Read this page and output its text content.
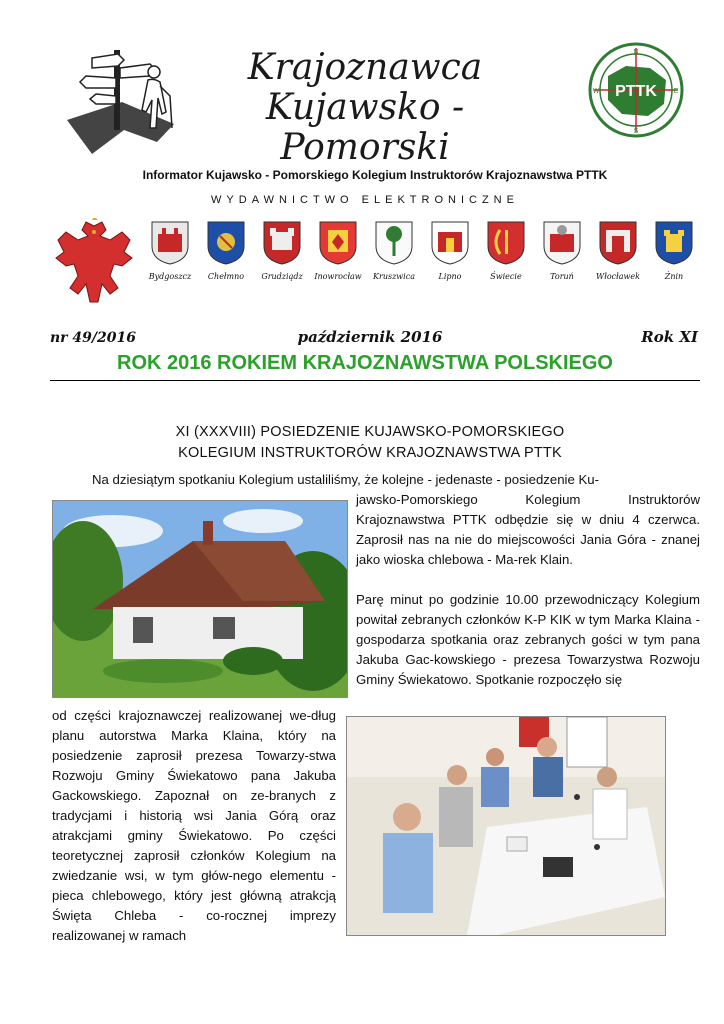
Krajoznawca
Kujawsko - Pomorski
PTTK
N
E
S
W
Informator Kujawsko - Pomorskiego Kolegium Instruktorów Krajoznawstwa PTTK
WYDAWNICTWO ELEKTRONICZNE
Bydgoszcz	Chełmno	Grudziądz	Inowrocław	Kruszwica	Lipno	Świecie	Toruń	Włocławek	Żnin
nr 49/2016	październik 2016	Rok XI
ROK 2016 ROKIEM KRAJOZNAWSTWA POLSKIEGO
XI (XXXVIII) POSIEDZENIE KUJAWSKO-POMORSKIEGO
KOLEGIUM INSTRUKTORÓW KRAJOZNAWSTWA PTTK
Na dziesiątym spotkaniu Kolegium ustaliliśmy, że kolejne - jedenaste - posiedzenie Ku-
jawsko-Pomorskiego Kolegium Instruktorów Krajoznawstwa PTTK odbędzie się w dniu 4 czerwca. Zaprosił nas na nie do miejscowości Jania Góra - znanej jako wioska chlebowa - Ma-rek Klain.
Parę minut po godzinie 10.00 przewodniczący Kolegium powitał zebranych członków K-P KIK w tym Marka Klaina - gospodarza spotkania oraz zebranych gości w tym pana Jakuba Gac-kowskiego - prezesa Towarzystwa Rozwoju Gminy Świekatowo. Spotkanie rozpoczęło się
od części krajoznawczej realizowanej we-dług planu autorstwa Marka Klaina, który na posiedzenie zaprosił prezesa Towarzy-stwa Rozwoju Gminy Świekatowo pana Jakuba Gackowskiego. Zapoznał on ze-branych z tradycjami i historią wsi Jania Górą oraz atrakcjami gminy Świekatowo. Po części teoretycznej zaprosił członków Kolegium na zwiedzanie wsi, w tym głów-nego elementu - pieca chlebowego, który jest główną atrakcją Święta Chleba - co-rocznej imprezy realizowanej w ramach
